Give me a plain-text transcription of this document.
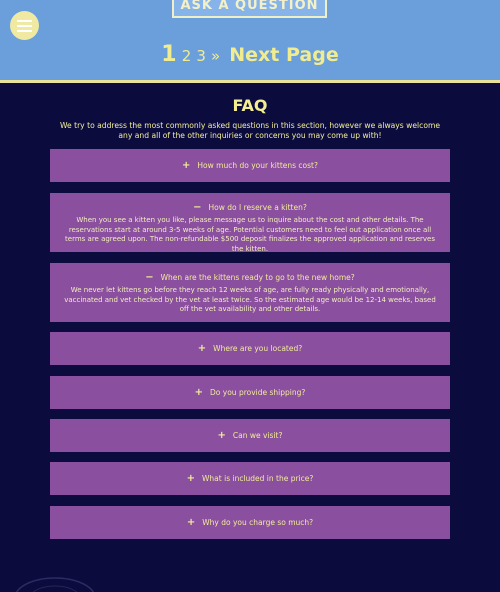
ASK A QUESTION
1 2 3 » Next Page
FAQ
We try to address the most commonly asked questions in this section, however we always welcome any and all of the other inquiries or concerns you may come up with!
+ How much do your kittens cost?
− How do I reserve a kitten?
When you see a kitten you like, please message us to inquire about the cost and other details. The reservations start at around 3-5 weeks of age. Potential customers need to feel out application once all terms are agreed upon. The non-refundable $500 deposit finalizes the approved application and reserves the kitten.
− When are the kittens ready to go to the new home?
We never let kittens go before they reach 12 weeks of age, are fully ready physically and emotionally, vaccinated and vet checked by the vet at least twice. So the estimated age would be 12-14 weeks, based off the vet availability and other details.
+ Where are you located?
+ Do you provide shipping?
+ Can we visit?
+ What is included in the price?
+ Why do you charge so much?
